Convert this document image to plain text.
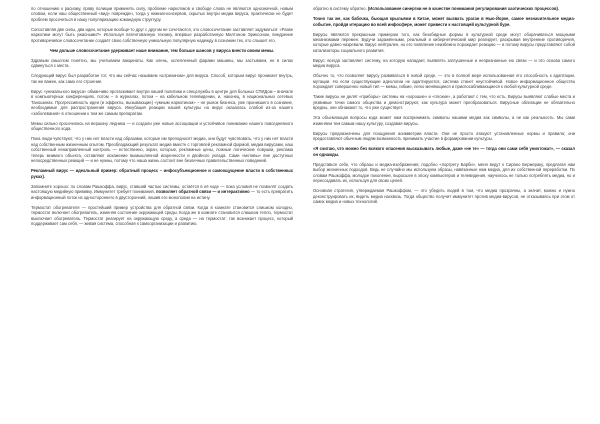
по отношению к расизму, праву полиции применять силу, проблеме наркотиков и свободе слова не являются однозначной, новым словом, если наш общественный «вид» поврежден, тогда у нижних-консервов, скрытых внутри медиа вируса, практически не будет проблем просочиться в нашу популяризацию командную структуру.

Сопоставляя две силы, два идеи, которые вообще-то друг с другом не сочетаются, это словосочетание заставляет задуматься: «Разве наркотики могут быть ужасными?» Используя патентованную технику, впервые разработанную Милтоном Эриксоном, внедрение противоречивое словосочетание создаёт свою собственную уникальную популярную надежду в сознании тех, кто слышит его.

Чем дольше словосочетание удерживает наше внимание, тем больше шансов у вируса внести своим мемы.

Здравым смыслом понятно, мы учитываем вакцинаты. Как олень, ослепленный фарами машины, мы застываем, не в силах сдвинуться с места.

Следующий вирус был разработан тот, что мы сейчас называем «штрихином» для вируса. Способ, которым вирус проникает внутрь, так же важен, как само его строение.

Вирус «уникального вируса» обманчиво протаскивает внутри нашей политики и спецслужбы в центре для больных СПИДом – вначале в компьютерных конференциях, потом – в журналах, потом – на кабельном телевидении, и, наконец, в национальных сетевых Таношинах. Прогрессивность идеи (и эффекты, вызывающие) «умным наркотиком» – не рынок бизнеса, уже проникшего в сознание, необходимые для распространения вируса. Инкубация реакции нашей культуры на вирус оказалась слабой из-за нашего «заболевания» в отношении к тем же самым препаратам.

Мемы сильно просочились на вершину ледника — и создали уже новые ассоциации и устойчивое понимание нашего повседневного общественного кода.

Пока люди чувствуют, что у них нет власти над образами, которые им преподносят медиа, они будут чувствовать, что у них нет власти над собственным жизненным опытом. Преобладающий результат медиа вместе с торговлей рекламной формой, медиа вирусами, наш собственный ненаправленный контроль — естественно, экран, которые, рекламные цены, ложные логические ловушки, реклама теперь мнимого объекта, оставляют искажение вымышленной искренности и двойного уклада. Сами «мотивы» вне доступных непосредственных реакций — и не нужны, потому что наша жизнь состоит вне безличных правительственных поведений.

Рекламный вирус — идеальный пример: обратный процесс – инфосубъекционное и самоощущение власти в собственных руках).

Запомните хорошо: по словам Рашкоффа, вирус, ставший частью системы, остаётся в её коде — пока условия не позволят создать настоящую медийную прививку. Иммунитет требует понимания, позволяет обратной связи — и интерактивно — то есть превратить информационный поток из одностороннего в двусторонний, лишив его монополии на истину.

Термостат обогревателя — простейший пример устройства для обратной связи. Когда в комнате становится слишком холодно, термостат включает обогреватель, изменяя состояние окружающей среды. Когда же в комнате становится слишком тепло, термостат выключает обогреватель. Термостат реагирует на окружающую среду, а среда — на термостат: так возникает процесс, который поддерживает сам себя, — живая система, способная к самоорганизации и развитию.

обратно в систему обратно. (Использование синергии не в качестве понимания регулирования хаотических процессов).

Точно так же, как бабочка, бьющая крыльями в Китае, может вызвать ураган в Нью-Йорке, самое незначительное медиа-событие, пройдя итерацию во всей инфосфере, может привести к настоящей культурной буре.

Вирусы являются прекрасным примером того, как безобидные формы в культурной среде могут оборачиваться мощными механизмами перемен. Будучи заражёнными, реальный и кибернетический мир реагирует, раскрывая внутренние противоречия, которые давно назревали. Вирус нейтрален, но его появление неизбежно порождает реакцию — и потому вирусы представляют собой катализаторы социального развития.

Вирус: всегда заставляет систему, на которую нападает, выявлять заглушенные и непризнанные ею связи — и это основа самого медиа вируса.

Обычно то, что позволяет вирусу развиваться в новой среде, — это в полной мере использованная его способность к адаптации, мутации. Но если существующие идеологии не адаптируются, система станет неустойчивой. Новое информационное общество порождает совершенно новый тип — мемы, гибкие, легко меняющиеся и приспосабливающиеся к любой культурной среде.

Такие вирусы не делят «приборы» системы на «хорошие» и «плохие», а работают с тем, что есть. Вирусы выявляют слабые места и уязвимые точки самого общества и демонстрируют, как культура может преобразоваться. Вирусные облигации не обязательно вредны, они обнажают то, что уже существует.

Эта объемлющая вопросы кода может нам воспринимать символы нашими медиа как символы, а не как реальность. Мы сами изменяем тем самым нашу культуру, создавая вирусы.

Вирусы предназначены для поощрения асимметрии власти. Они не просто атакуют установленные нормы и правила; они предоставляют обычным людям возможность принимать участие в формировании культуры.

«Я считаю, что можно без всякого опасения высказывать любые, даже «не те» — тогда они сами себя уничтожат», — сказал он однажды.

Представьте себе, что образы и медиа-изображения, подобно «портрету Барби», меня ведут к Сирано Бержераку, предлагая нам выбор жизненных подходов. Ведь не случайно мы используем образы, навязанные нам медиа, для их собственной переработки. По словам Рашкоффа, молодое поколение, выросшее в эпоху компьютеров и телевидения, научилось не только потреблять медиа, но и пересоздавать их, используя для своих целей.

Основная стратегия, утверждаемая Рашкоффом, — это убедить людей в том, что медиа прозрачны, а значит, можно и нужно деконструировать их, видеть медиа насквозь. Тогда общество получит иммунитет против медиа-вирусов, не отказываясь при этом от самих медиа и новых технологий.
